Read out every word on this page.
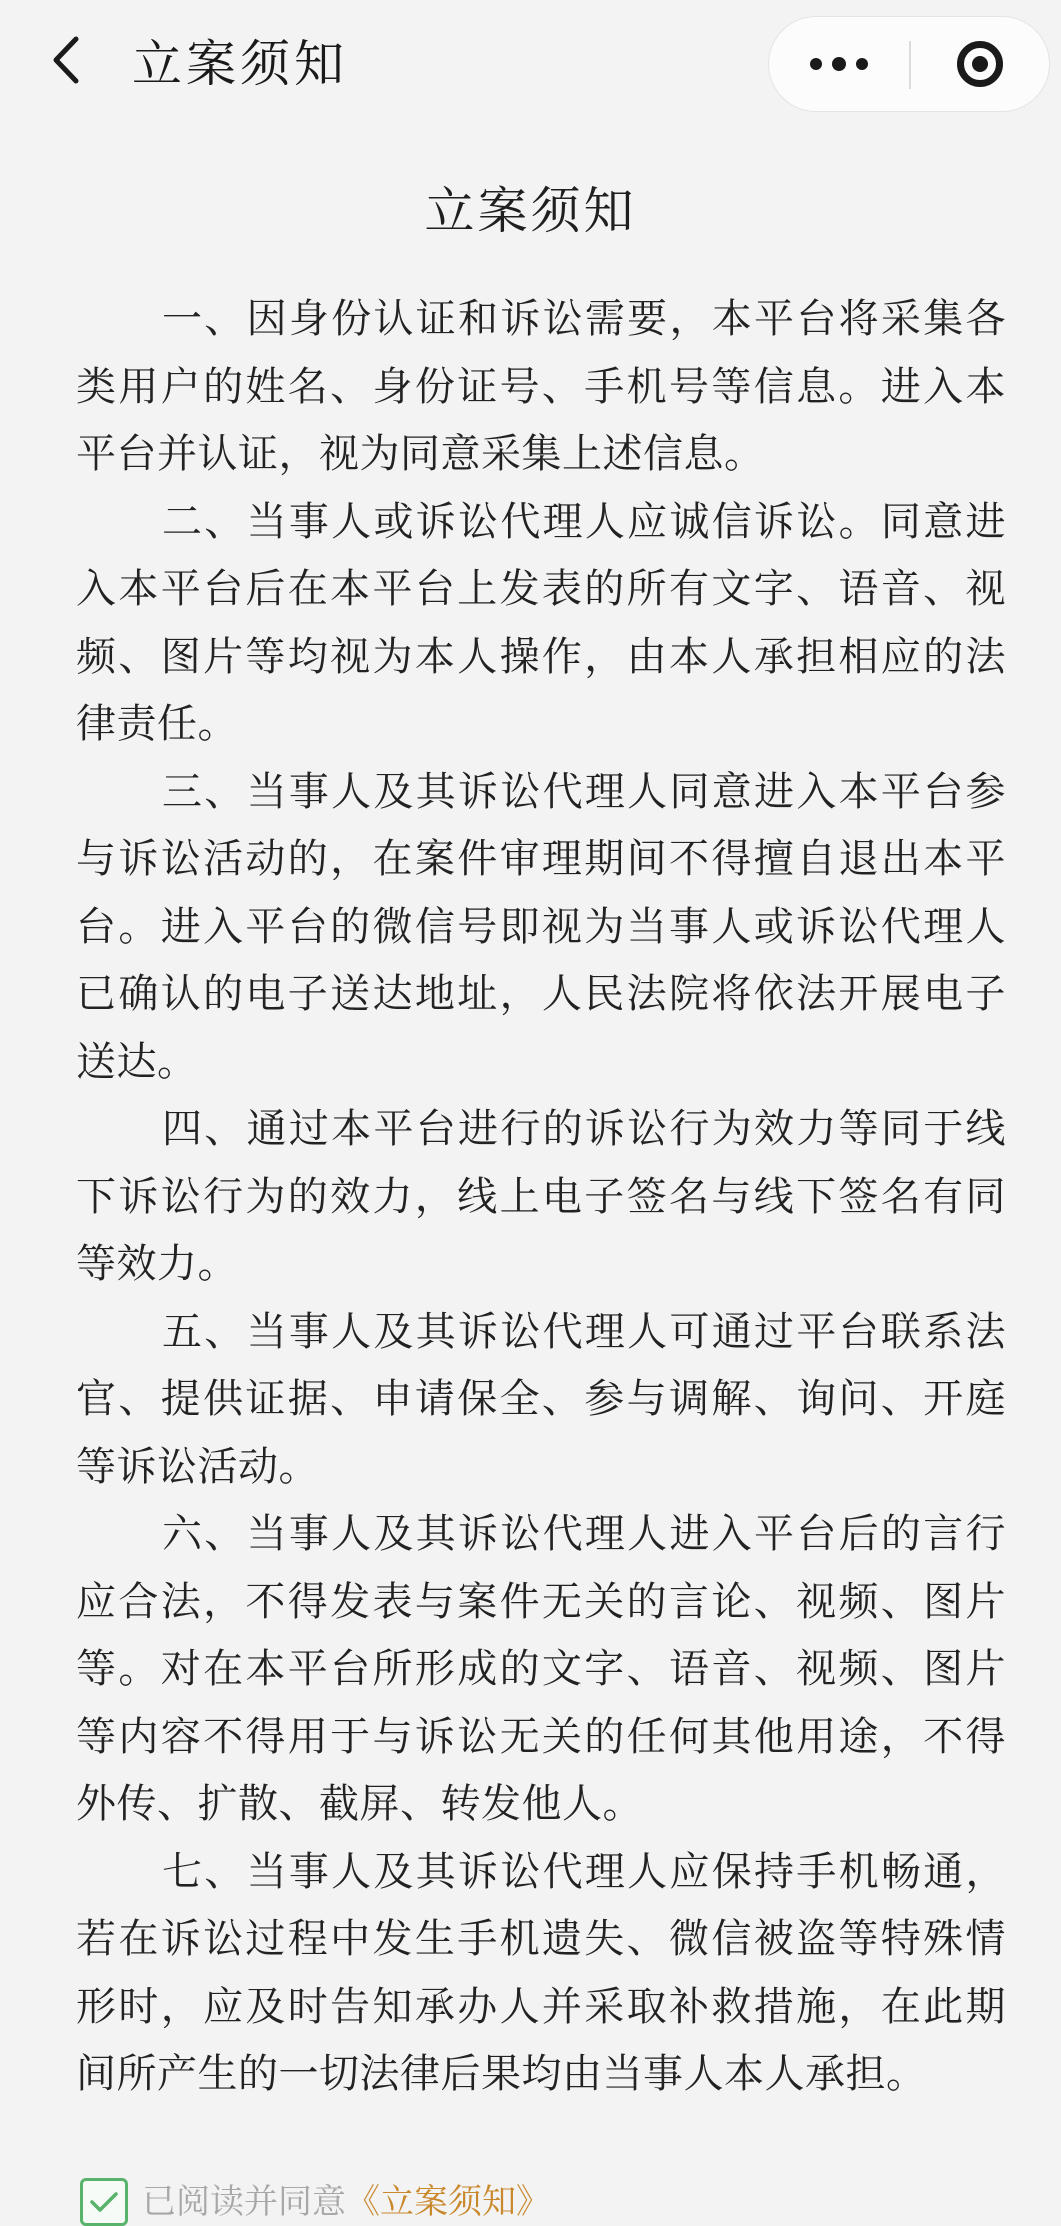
立案须知
立案须知

一、因身份认证和诉讼需要，本平台将采集各类用户的姓名、身份证号、手机号等信息。进入本平台并认证，视为同意采集上述信息。

二、当事人或诉讼代理人应诚信诉讼。同意进入本平台后在本平台上发表的所有文字、语音、视频、图片等均视为本人操作，由本人承担相应的法律责任。

三、当事人及其诉讼代理人同意进入本平台参与诉讼活动的，在案件审理期间不得擅自退出本平台。进入平台的微信号即视为当事人或诉讼代理人已确认的电子送达地址，人民法院将依法开展电子送达。

四、通过本平台进行的诉讼行为效力等同于线下诉讼行为的效力，线上电子签名与线下签名有同等效力。

五、当事人及其诉讼代理人可通过平台联系法官、提供证据、申请保全、参与调解、询问、开庭等诉讼活动。

六、当事人及其诉讼代理人进入平台后的言行应合法，不得发表与案件无关的言论、视频、图片等。对在本平台所形成的文字、语音、视频、图片等内容不得用于与诉讼无关的任何其他用途，不得外传、扩散、截屏、转发他人。

七、当事人及其诉讼代理人应保持手机畅通，若在诉讼过程中发生手机遗失、微信被盗等特殊情形时，应及时告知承办人并采取补救措施，在此期间所产生的一切法律后果均由当事人本人承担。

已阅读并同意 《立案须知》
